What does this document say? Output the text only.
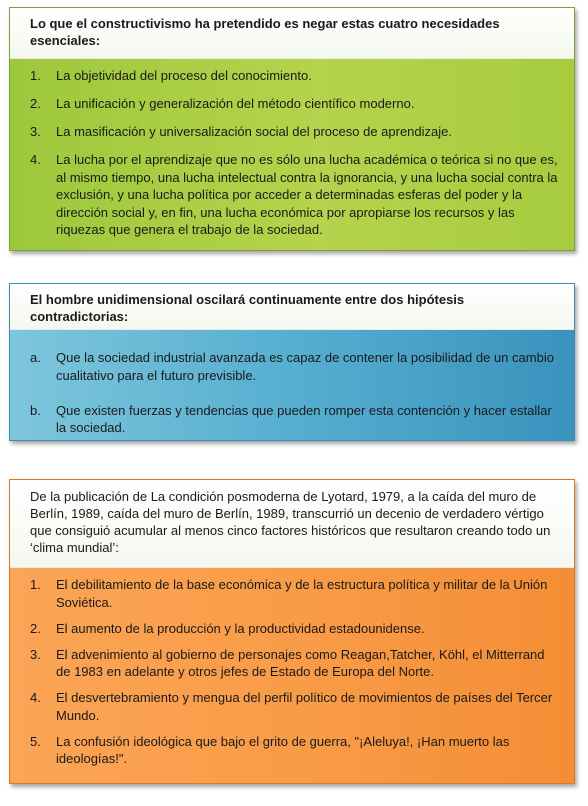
Lo que el constructivismo ha pretendido es negar estas cuatro necesidades esenciales:
1. La objetividad del proceso del conocimiento.
2. La unificación y generalización del método científico moderno.
3. La masificación y universalización social del proceso de aprendizaje.
4. La lucha por el aprendizaje que no es sólo una lucha académica o teórica si no que es, al mismo tiempo, una lucha intelectual contra la ignorancia, y una lucha social contra la exclusión, y una lucha política por acceder a determinadas esferas del poder y la dirección social y, en fin, una lucha económica por apropiarse los recursos y las riquezas que genera el trabajo de la sociedad.
El hombre unidimensional oscilará continuamente entre dos hipótesis contradictorias:
a. Que la sociedad industrial avanzada es capaz de contener la posibilidad de un cambio cualitativo para el futuro previsible.
b. Que existen fuerzas y tendencias que pueden romper esta contención y hacer estallar la sociedad.
De la publicación de La condición posmoderna de Lyotard, 1979, a la caída del muro de Berlín, 1989, caída del muro de Berlín, 1989, transcurrió un decenio de verdadero vértigo que consiguió acumular al menos cinco factores históricos que resultaron creando todo un ‘clima mundial’:
1. El debilitamiento de la base económica y de la estructura política y militar de la Unión Soviética.
2. El aumento de la producción y la productividad estadounidense.
3. El advenimiento al gobierno de personajes como Reagan,Tatcher, Köhl, el Mitterrand de 1983 en adelante y otros jefes de Estado de Europa del Norte.
4. El desvertebramiento y mengua del perfil político de movimientos de países del Tercer Mundo.
5. La confusión ideológica que bajo el grito de guerra, "¡Aleluya!, ¡Han muerto las ideologías!".
